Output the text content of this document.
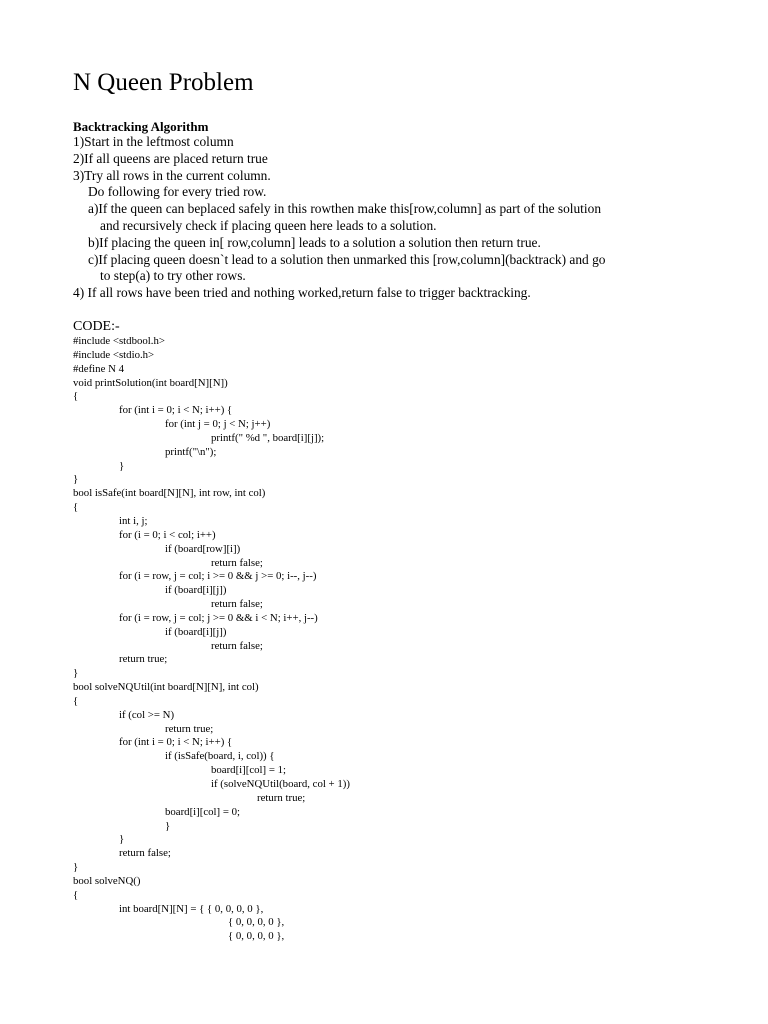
N Queen Problem
Backtracking Algorithm
1)Start in the leftmost column
2)If all queens are placed return true
3)Try all rows in the current column.
Do following for every tried row.
a)If the queen can beplaced safely in this rowthen make this[row,column] as part of the solution
and recursively check if placing queen here leads to a solution.
b)If placing the queen in[ row,column] leads to a solution a solution then return true.
c)If placing queen doesn`t lead to a solution then unmarked this [row,column](backtrack) and go
to step(a) to try other rows.
4) If all rows have been tried and nothing worked,return false to trigger backtracking.
CODE:-
#include <stdbool.h>
#include <stdio.h>
#define N 4
void printSolution(int board[N][N])
{
for (int i = 0; i < N; i++) {
for (int j = 0; j < N; j++)
printf(" %d ", board[i][j]);
printf("\n");
}
}
bool isSafe(int board[N][N], int row, int col)
{
int i, j;
for (i = 0; i < col; i++)
if (board[row][i])
return false;
for (i = row, j = col; i >= 0 && j >= 0; i--, j--)
if (board[i][j])
return false;
for (i = row, j = col; j >= 0 && i < N; i++, j--)
if (board[i][j])
return false;
return true;
}
bool solveNQUtil(int board[N][N], int col)
{
if (col >= N)
return true;
for (int i = 0; i < N; i++) {
if (isSafe(board, i, col)) {
board[i][col] = 1;
if (solveNQUtil(board, col + 1))
return true;
board[i][col] = 0;
}
}
return false;
}
bool solveNQ()
{
int board[N][N] = { { 0, 0, 0, 0 },
{ 0, 0, 0, 0 },
{ 0, 0, 0, 0 },
